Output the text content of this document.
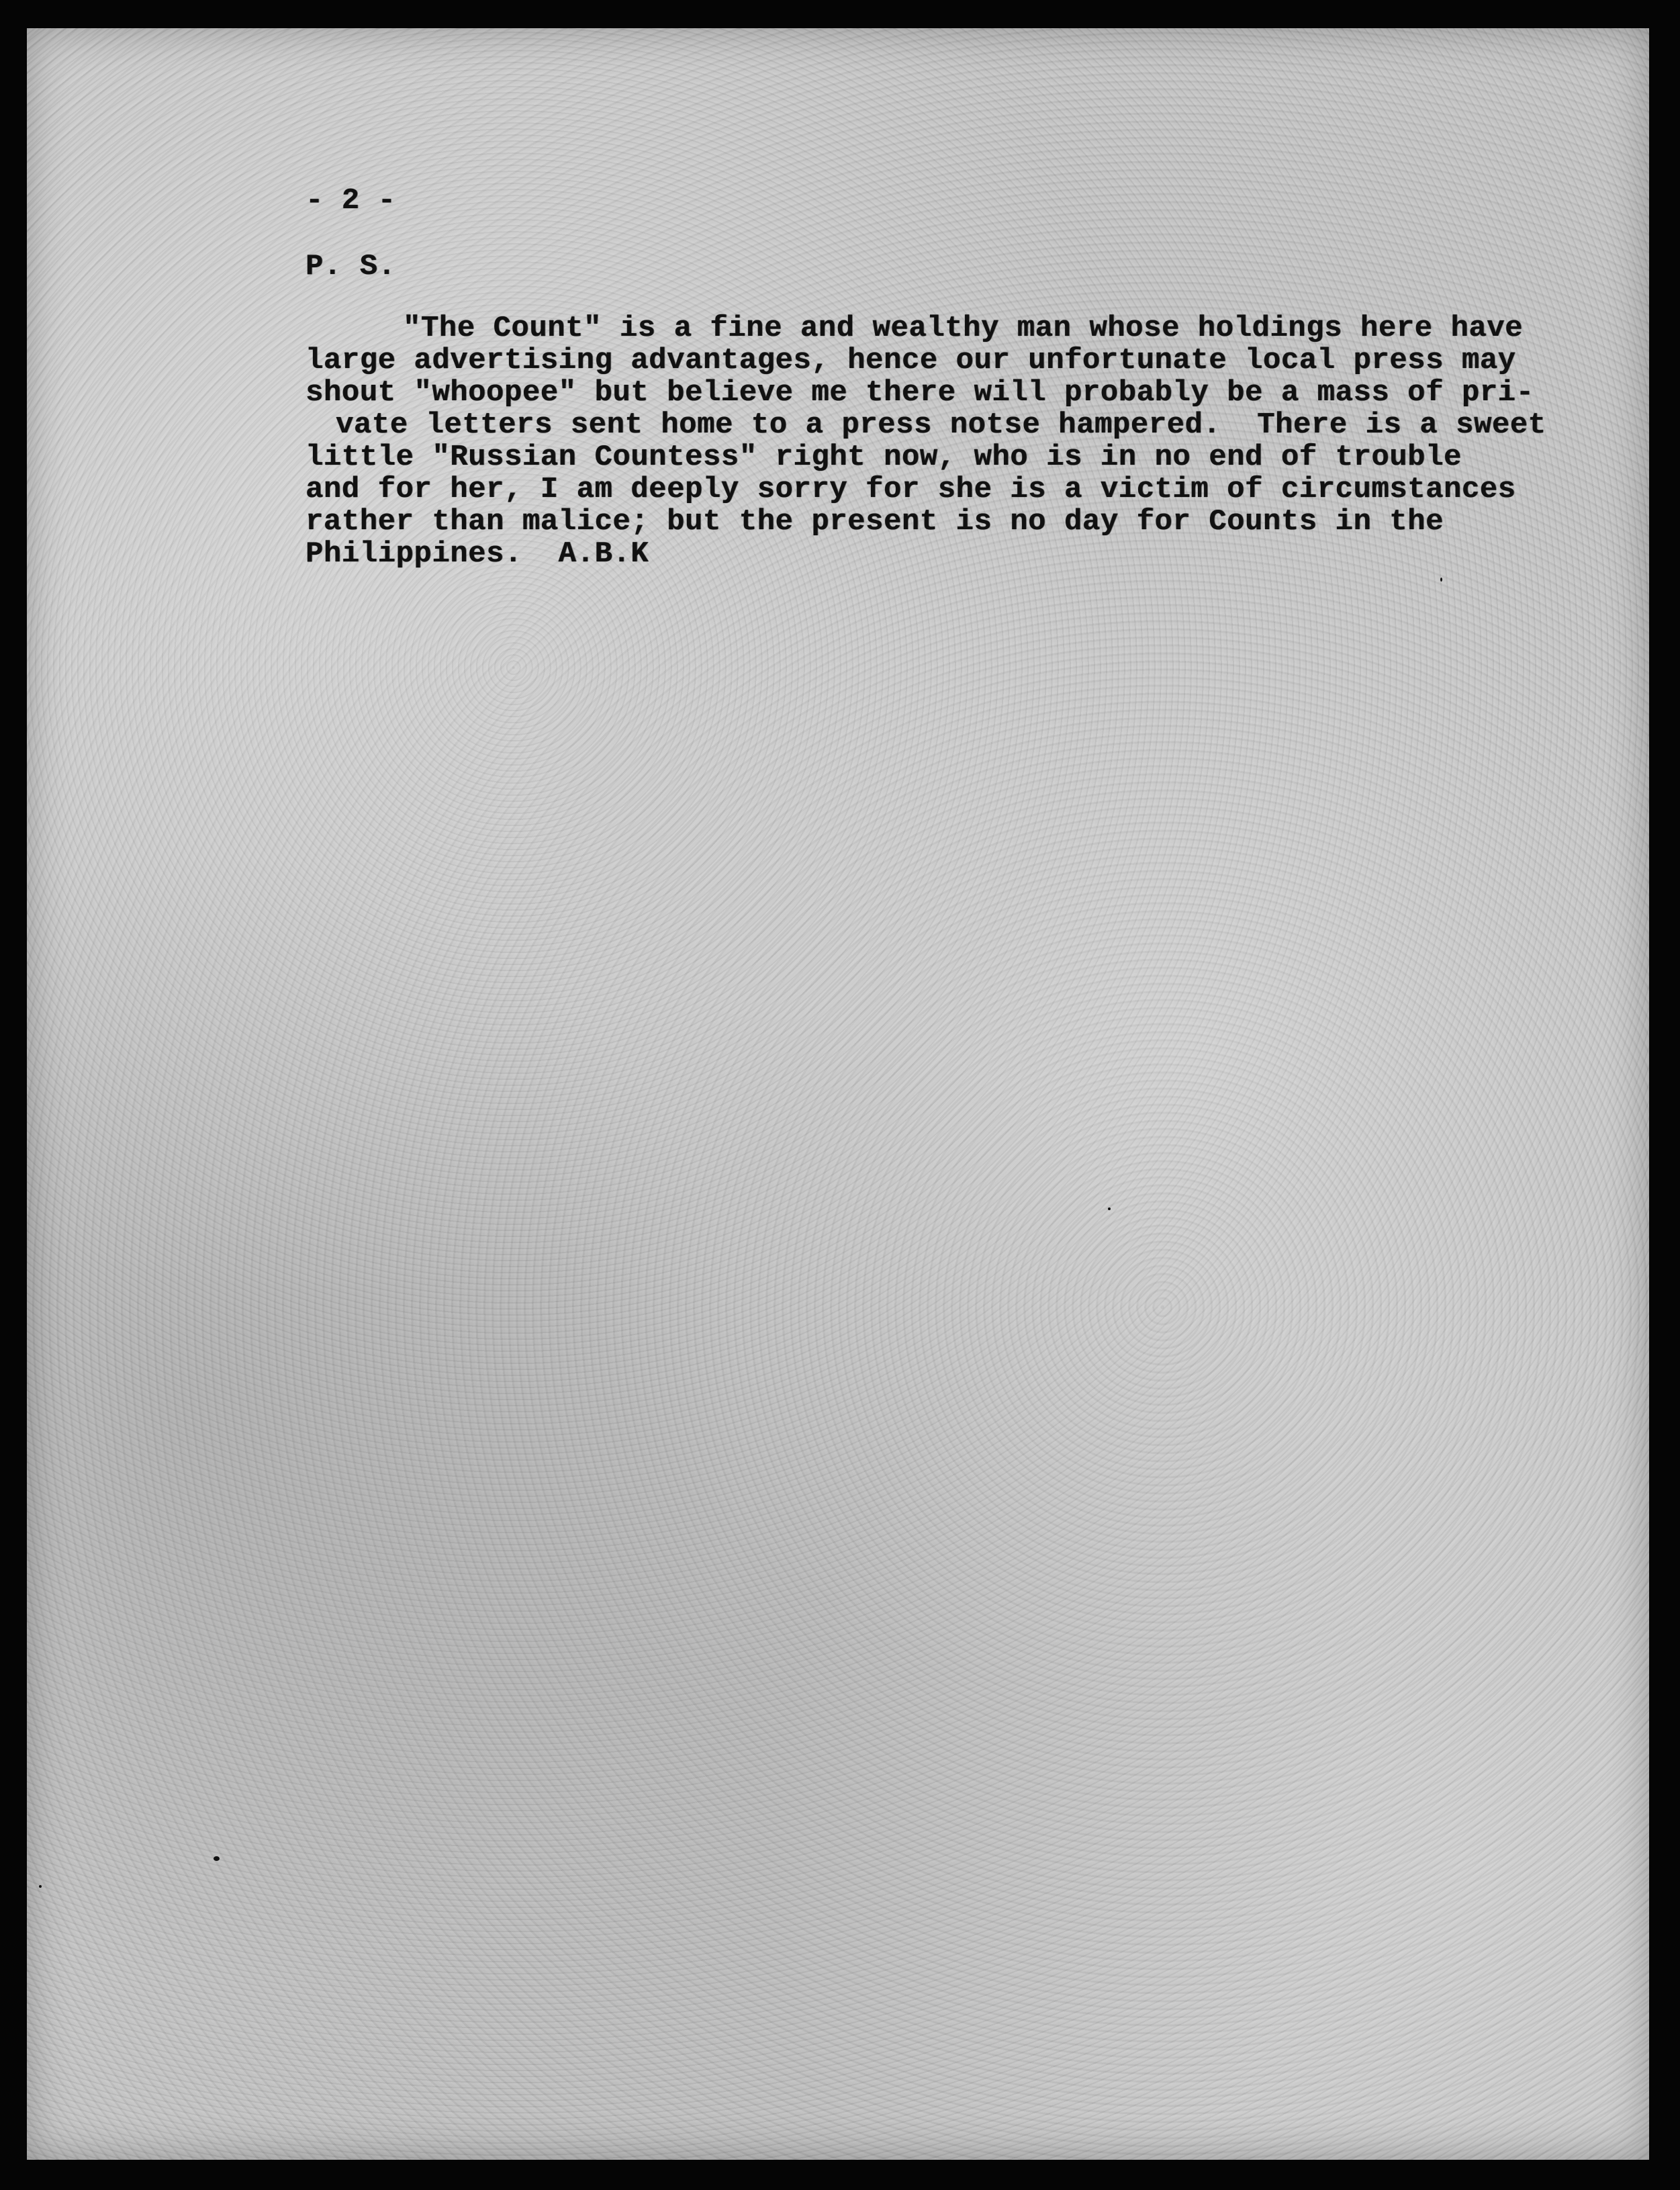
- 2 -
P. S.
"The Count" is a fine and wealthy man whose holdings here have
large advertising advantages, hence our unfortunate local press may
shout "whoopee" but believe me there will probably be a mass of pri-
vate letters sent home to a press notse hampered.  There is a sweet
little "Russian Countess" right now, who is in no end of trouble
and for her, I am deeply sorry for she is a victim of circumstances
rather than malice; but the present is no day for Counts in the
Philippines.  A.B.K
